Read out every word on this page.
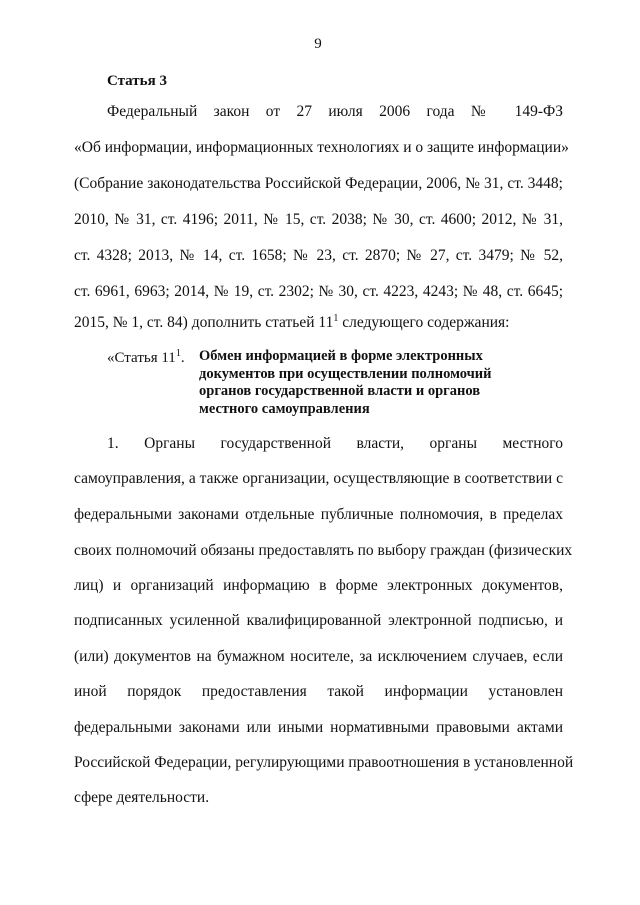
9
Статья 3
Федеральный закон от 27 июля 2006 года № 149-ФЗ
«Об информации, информационных технологиях и о защите информации»
(Собрание законодательства Российской Федерации, 2006, № 31, ст. 3448;
2010, № 31, ст. 4196; 2011, № 15, ст. 2038; № 30, ст. 4600; 2012, № 31,
ст. 4328; 2013, № 14, ст. 1658; № 23, ст. 2870; № 27, ст. 3479; № 52,
ст. 6961, 6963; 2014, № 19, ст. 2302; № 30, ст. 4223, 4243; № 48, ст. 6645;
2015, № 1, ст. 84) дополнить статьей $11^1$ следующего содержания:
«Статья $11^1$. Обмен информацией в форме электронных документов при осуществлении полномочий органов государственной власти и органов местного самоуправления
1. Органы государственной власти, органы местного
самоуправления, а также организации, осуществляющие в соответствии с
федеральными законами отдельные публичные полномочия, в пределах
своих полномочий обязаны предоставлять по выбору граждан (физических
лиц) и организаций информацию в форме электронных документов,
подписанных усиленной квалифицированной электронной подписью, и
(или) документов на бумажном носителе, за исключением случаев, если
иной порядок предоставления такой информации установлен
федеральными законами или иными нормативными правовыми актами
Российской Федерации, регулирующими правоотношения в установленной
сфере деятельности.
